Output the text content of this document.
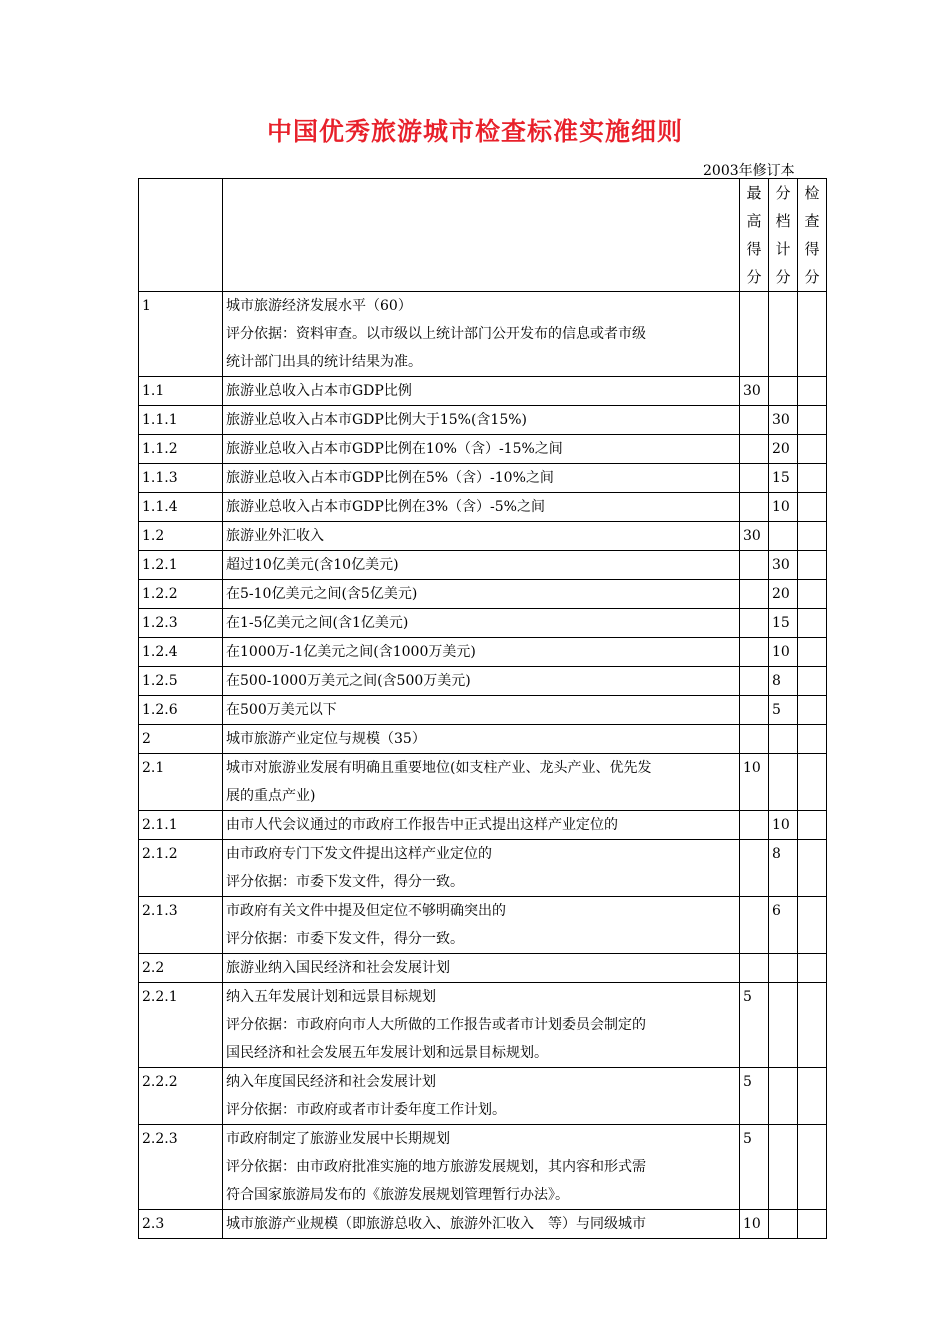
中国优秀旅游城市检查标准实施细则
2003年修订本

		最
高
得
分	分
档
计
分	检
查
得
分

1	城市旅游经济发展水平（60）
评分依据：资料审查。以市级以上统计部门公开发布的信息或者市级
统计部门出具的统计结果为准。			

1.1	旅游业总收入占本市GDP比例	30		
1.1.1	旅游业总收入占本市GDP比例大于15%(含15%)		30	
1.1.2	旅游业总收入占本市GDP比例在10%（含）-15%之间		20	
1.1.3	旅游业总收入占本市GDP比例在5%（含）-10%之间		15	
1.1.4	旅游业总收入占本市GDP比例在3%（含）-5%之间		10	
1.2	旅游业外汇收入	30		
1.2.1	超过10亿美元(含10亿美元)		30	
1.2.2	在5-10亿美元之间(含5亿美元)		20	
1.2.3	在1-5亿美元之间(含1亿美元)		15	
1.2.4	在1000万-1亿美元之间(含1000万美元)		10	
1.2.5	在500-1000万美元之间(含500万美元)		8	
1.2.6	在500万美元以下		5	
2	城市旅游产业定位与规模（35）			

2.1	城市对旅游业发展有明确且重要地位(如支柱产业、龙头产业、优先发
展的重点产业)	10		
2.1.1	由市人代会议通过的市政府工作报告中正式提出这样产业定位的		10	
2.1.2	由市政府专门下发文件提出这样产业定位的
评分依据：市委下发文件，得分一致。		8	
2.1.3	市政府有关文件中提及但定位不够明确突出的
评分依据：市委下发文件，得分一致。		6	
2.2	旅游业纳入国民经济和社会发展计划			

2.2.1	纳入五年发展计划和远景目标规划
评分依据：市政府向市人大所做的工作报告或者市计划委员会制定的
国民经济和社会发展五年发展计划和远景目标规划。	5		
2.2.2	纳入年度国民经济和社会发展计划
评分依据：市政府或者市计委年度工作计划。	5		
2.2.3	市政府制定了旅游业发展中长期规划
评分依据：由市政府批准实施的地方旅游发展规划，其内容和形式需
符合国家旅游局发布的《旅游发展规划管理暂行办法》。	5		
2.3	城市旅游产业规模（即旅游总收入、旅游外汇收入　等）与同级城市	10		
